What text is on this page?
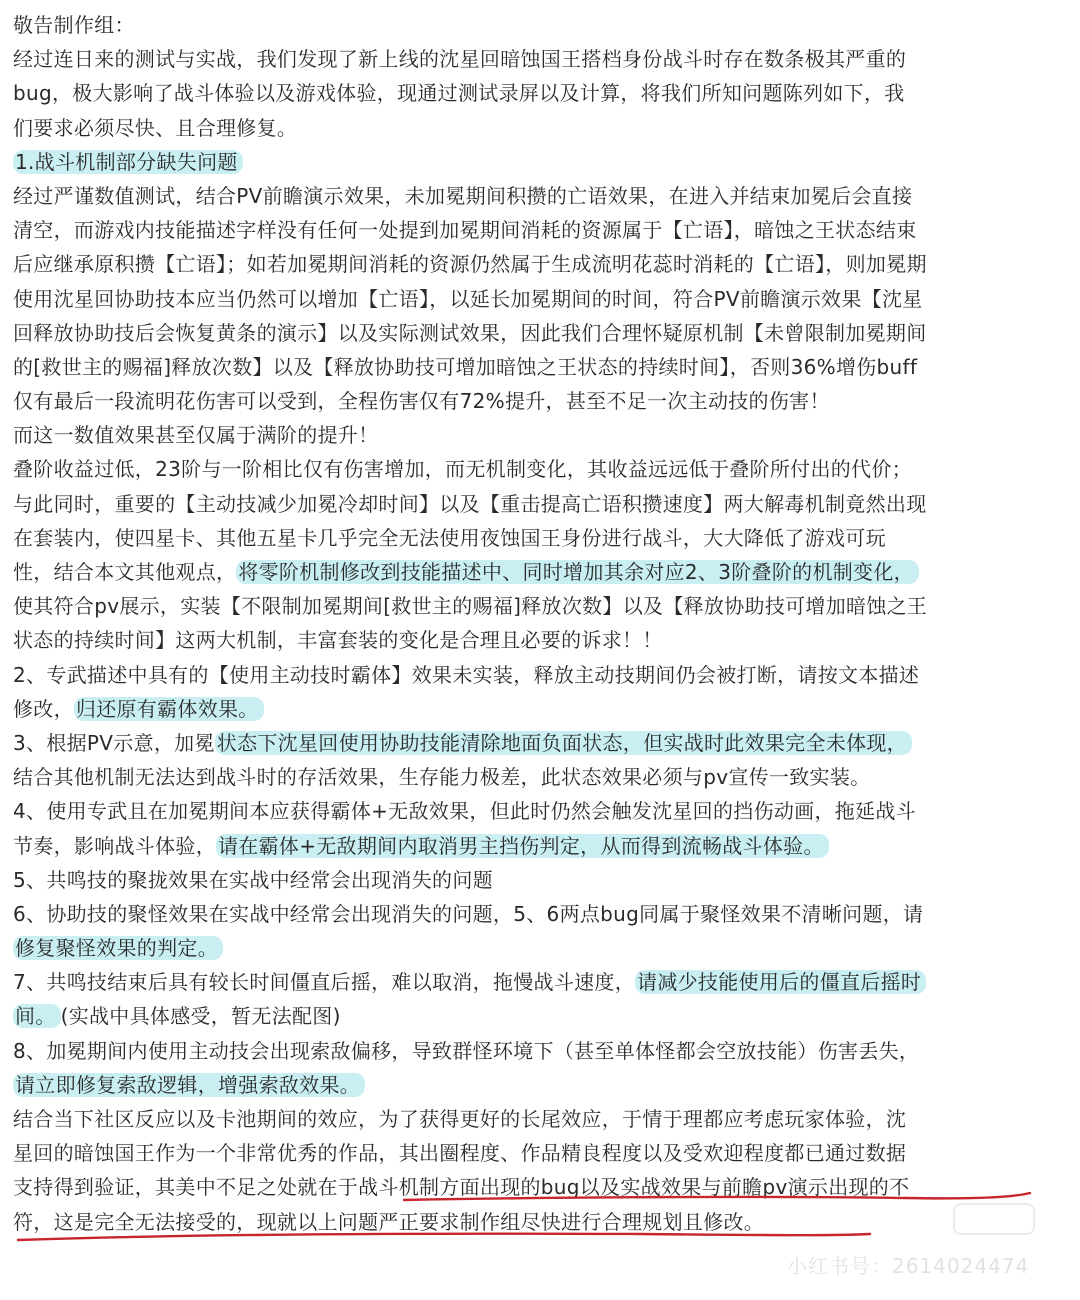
敬告制作组：
经过连日来的测试与实战，我们发现了新上线的沈星回暗蚀国王搭档身份战斗时存在数条极其严重的
bug，极大影响了战斗体验以及游戏体验，现通过测试录屏以及计算，将我们所知问题陈列如下，我
们要求必须尽快、且合理修复。
1.战斗机制部分缺失问题
经过严谨数值测试，结合PV前瞻演示效果，未加冕期间积攒的亡语效果，在进入并结束加冕后会直接
清空，而游戏内技能描述字样没有任何一处提到加冕期间消耗的资源属于【亡语】，暗蚀之王状态结束
后应继承原积攒【亡语】；如若加冕期间消耗的资源仍然属于生成流明花蕊时消耗的【亡语】，则加冕期
使用沈星回协助技本应当仍然可以增加【亡语】，以延长加冕期间的时间，符合PV前瞻演示效果【沈星
回释放协助技后会恢复黄条的演示】以及实际测试效果，因此我们合理怀疑原机制【未曾限制加冕期间
的[救世主的赐福]释放次数】以及【释放协助技可增加暗蚀之王状态的持续时间】，否则36%增伤buff
仅有最后一段流明花伤害可以受到，全程伤害仅有72%提升，甚至不足一次主动技的伤害！
而这一数值效果甚至仅属于满阶的提升！
叠阶收益过低，23阶与一阶相比仅有伤害增加，而无机制变化，其收益远远低于叠阶所付出的代价；
与此同时，重要的【主动技减少加冕冷却时间】以及【重击提高亡语积攒速度】两大解毒机制竟然出现
在套装内，使四星卡、其他五星卡几乎完全无法使用夜蚀国王身份进行战斗，大大降低了游戏可玩
性，结合本文其他观点， 将零阶机制修改到技能描述中、同时增加其余对应2、3阶叠阶的机制变化，
使其符合pv展示，实装【不限制加冕期间[救世主的赐福]释放次数】以及【释放协助技可增加暗蚀之王
状态的持续时间】这两大机制，丰富套装的变化是合理且必要的诉求！！
2、专武描述中具有的【使用主动技时霸体】效果未实装，释放主动技期间仍会被打断，请按文本描述
修改， 归还原有霸体效果。
3、根据PV示意，加冕 状态下沈星回使用协助技能清除地面负面状态，但实战时此效果完全未体现，
结合其他机制无法达到战斗时的存活效果，生存能力极差，此状态效果必须与pv宣传一致实装。
4、使用专武且在加冕期间本应获得霸体+无敌效果，但此时仍然会触发沈星回的挡伤动画，拖延战斗
节奏，影响战斗体验， 请在霸体+无敌期间内取消男主挡伤判定，从而得到流畅战斗体验。
5、共鸣技的聚拢效果在实战中经常会出现消失的问题
6、协助技的聚怪效果在实战中经常会出现消失的问题，5、6两点bug同属于聚怪效果不清晰问题，请
修复聚怪效果的判定。
7、共鸣技结束后具有较长时间僵直后摇，难以取消，拖慢战斗速度， 请减少技能使用后的僵直后摇时
间。 (实战中具体感受，暂无法配图)
8、加冕期间内使用主动技会出现索敌偏移，导致群怪环境下（甚至单体怪都会空放技能）伤害丢失，
请立即修复索敌逻辑，增强索敌效果。
结合当下社区反应以及卡池期间的效应，为了获得更好的长尾效应，于情于理都应考虑玩家体验，沈
星回的暗蚀国王作为一个非常优秀的作品，其出圈程度、作品精良程度以及受欢迎程度都已通过数据
支持得到验证，其美中不足之处就在于战斗机制方面出现的bug以及实战效果与前瞻pv演示出现的不
符，这是完全无法接受的，现就以上问题严正要求制作组尽快进行合理规划且修改。
小红书号：2614024474
